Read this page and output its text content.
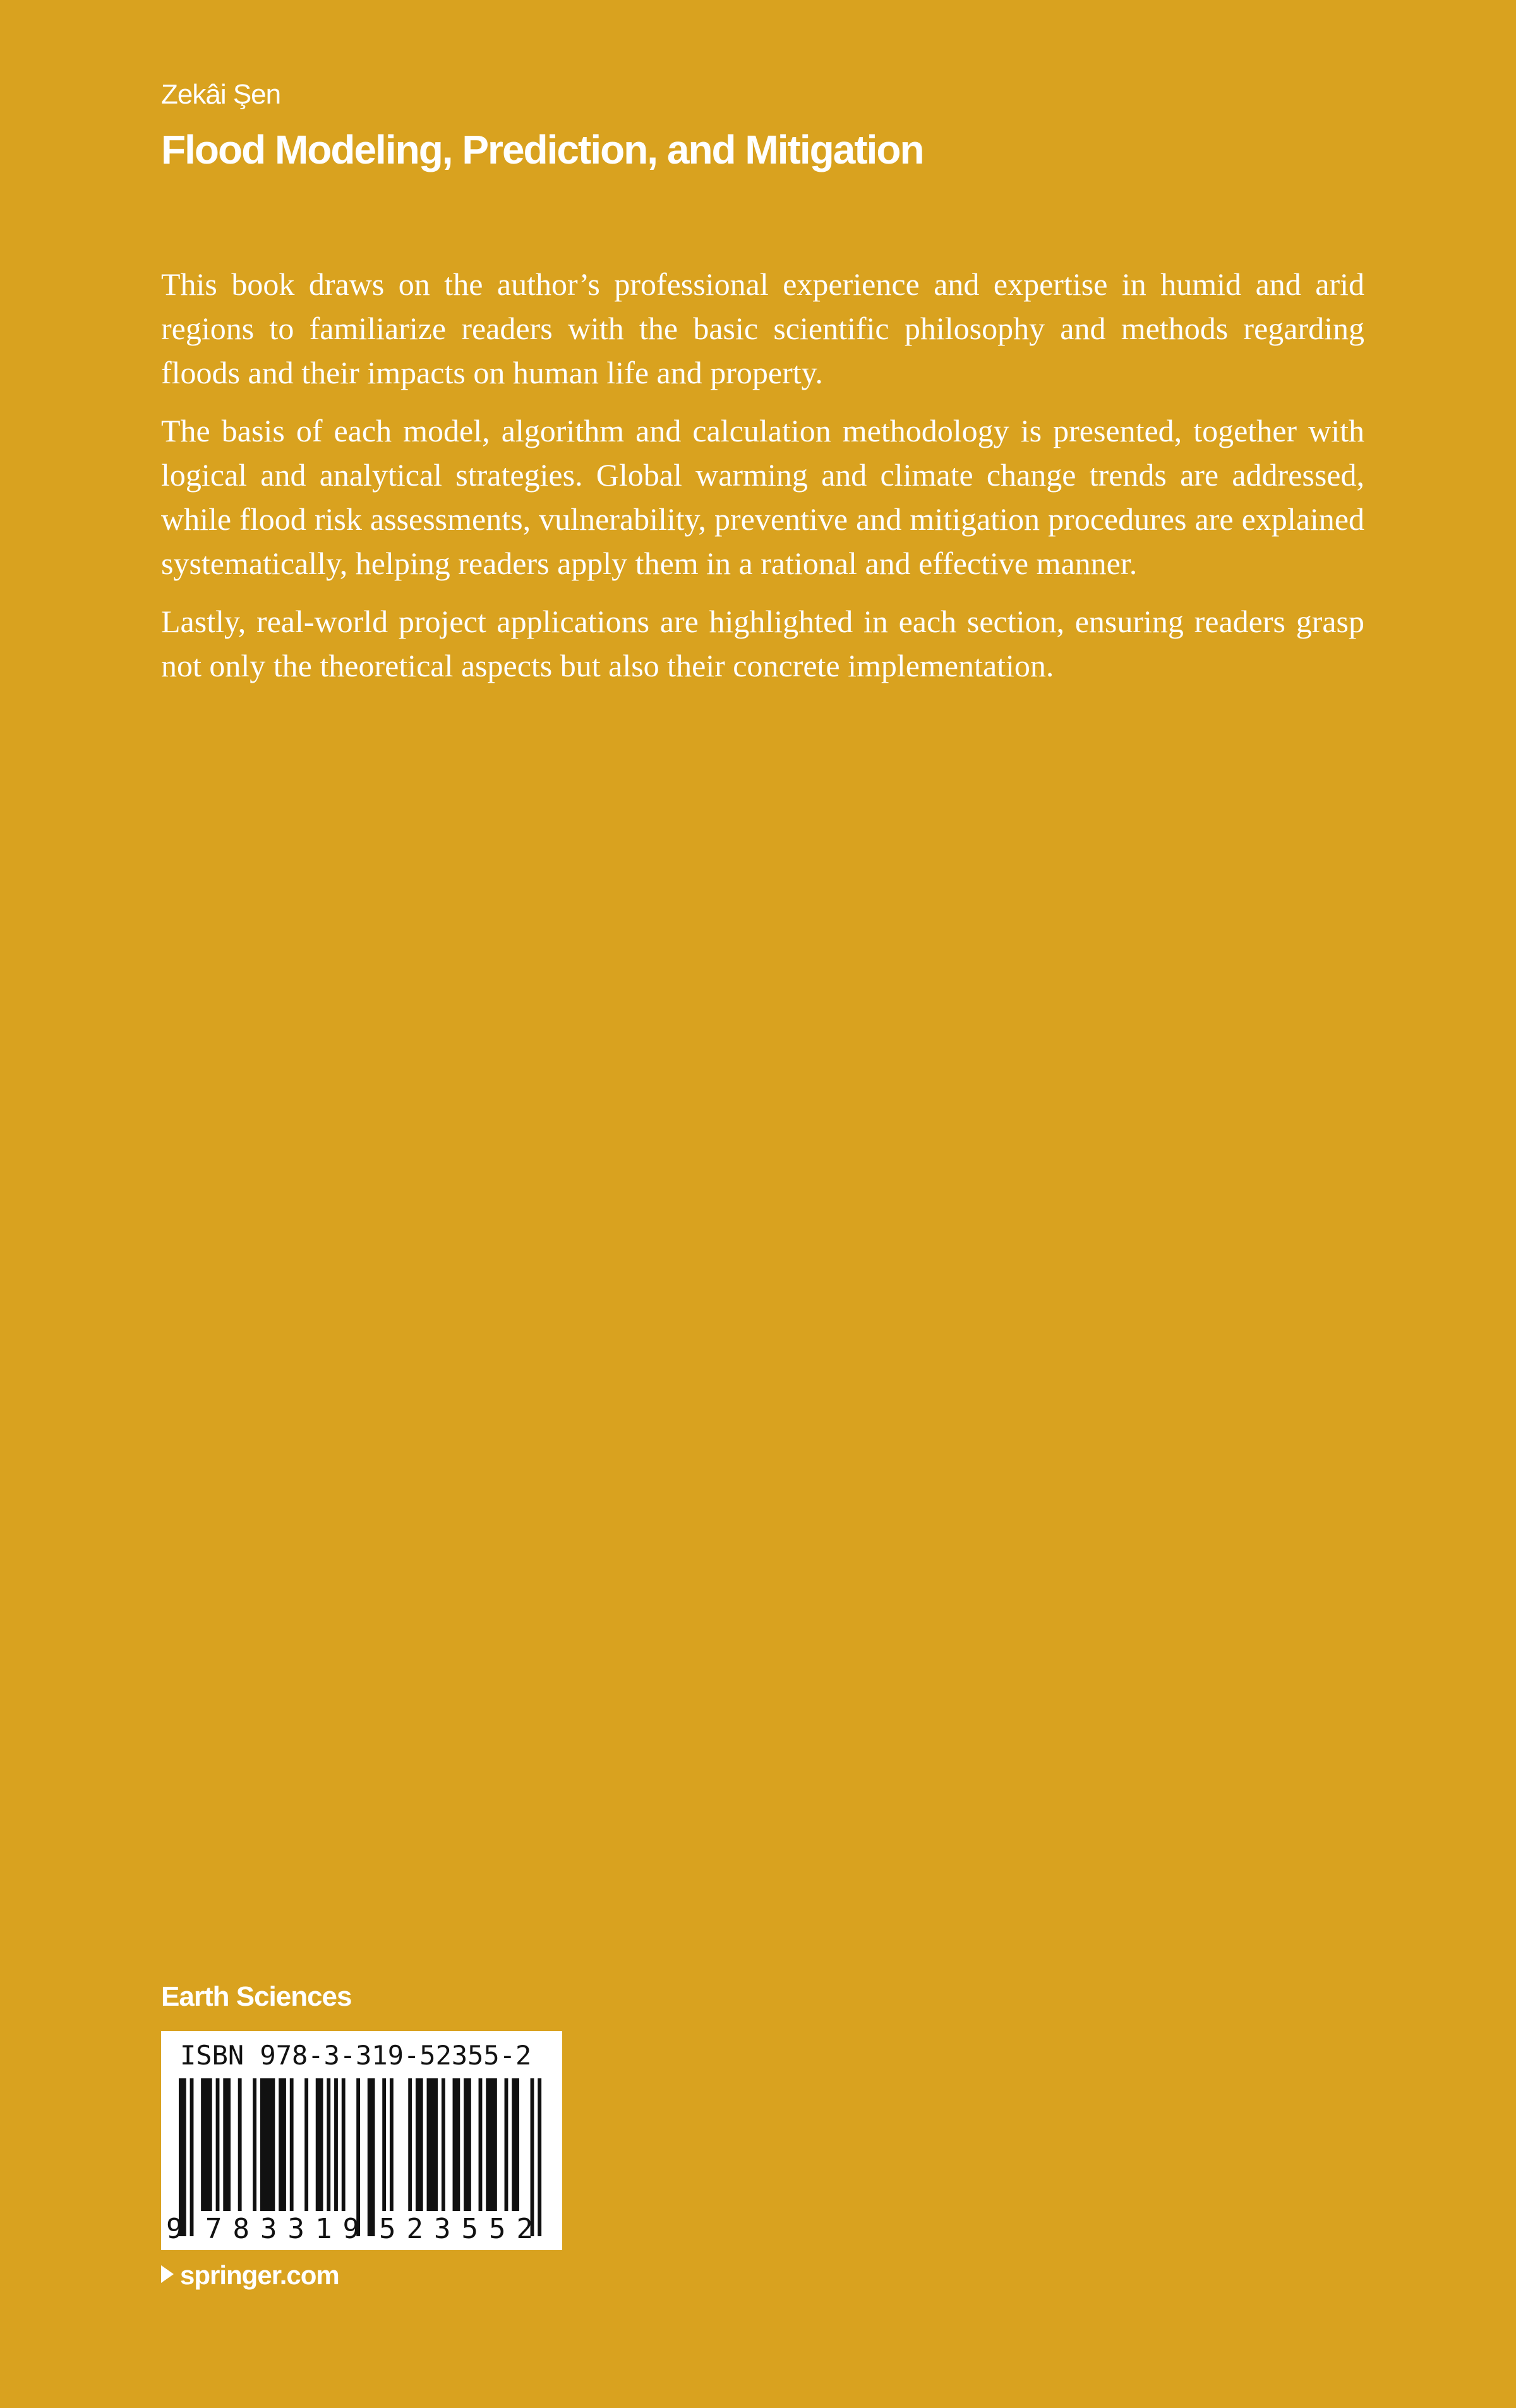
Zekâi Şen
Flood Modeling, Prediction, and Mitigation

This book draws on the author’s professional experience and expertise in humid and arid regions to familiarize readers with the basic scientific philosophy and methods regarding floods and their impacts on human life and property.

The basis of each model, algorithm and calculation methodology is presented, together with logical and analytical strategies. Global warming and climate change trends are addressed, while flood risk assessments, vulnerability, preventive and mitigation procedures are explained systematically, helping readers apply them in a rational and effective manner.

Lastly, real-world project applications are highlighted in each section, ensuring readers grasp not only the theoretical aspects but also their concrete implementation.

Earth Sciences
ISBN 978-3-319-52355-2
9 783319 523552
springer.com
